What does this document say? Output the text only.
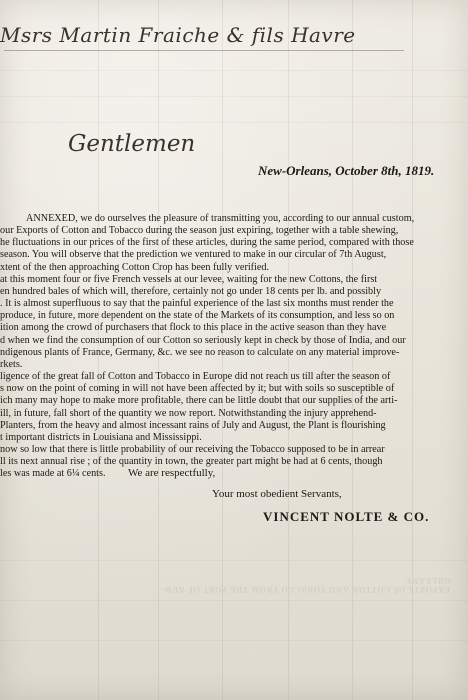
EXPORTS OF COTTON AND TOBACCO FROM THE PORT OF NEW-ORLEANS
Msrs Martin Fraiche & fils Havre
Gentlemen
New-Orleans, October 8th, 1819.

ANNEXED, we do ourselves the pleasure of transmitting you, according to our annual custom,

our Exports of Cotton and Tobacco during the season just expiring, together with a table shewing,

he fluctuations in our prices of the first of these articles, during the same period, compared with those

season. You will observe that the prediction we ventured to make in our circular of 7th August,

xtent of the then approaching Cotton Crop has been fully verified.

at this moment four or five French vessels at our levee, waiting for the new Cottons, the first

en hundred bales of which will, therefore, certainly not go under 18 cents per lb. and possibly

. It is almost superfluous to say that the painful experience of the last six months must render the

produce, in future, more dependent on the state of the Markets of its consumption, and less so on

ition among the crowd of purchasers that flock to this place in the active season than they have

d when we find the consumption of our Cotton so seriously kept in check by those of India, and our

ndigenous plants of France, Germany, &c. we see no reason to calculate on any material improve-

rkets.

ligence of the great fall of Cotton and Tobacco in Europe did not reach us till after the season of

s now on the point of coming in will not have been affected by it; but with soils so susceptible of

ich many may hope to make more profitable, there can be little doubt that our supplies of the arti-

ill, in future, fall short of the quantity we now report. Notwithstanding the injury apprehend-

Planters, from the heavy and almost incessant rains of July and August, the Plant is flourishing

t important districts in Louisiana and Mississippi.

now so low that there is little probability of our receiving the Tobacco supposed to be in arrear

ll its next annual rise ; of the quantity in town, the greater part might be had at 6 cents, though

les was made at 6¼ cents.	We are respectfully,
Your most obedient Servants,
VINCENT NOLTE & CO.
